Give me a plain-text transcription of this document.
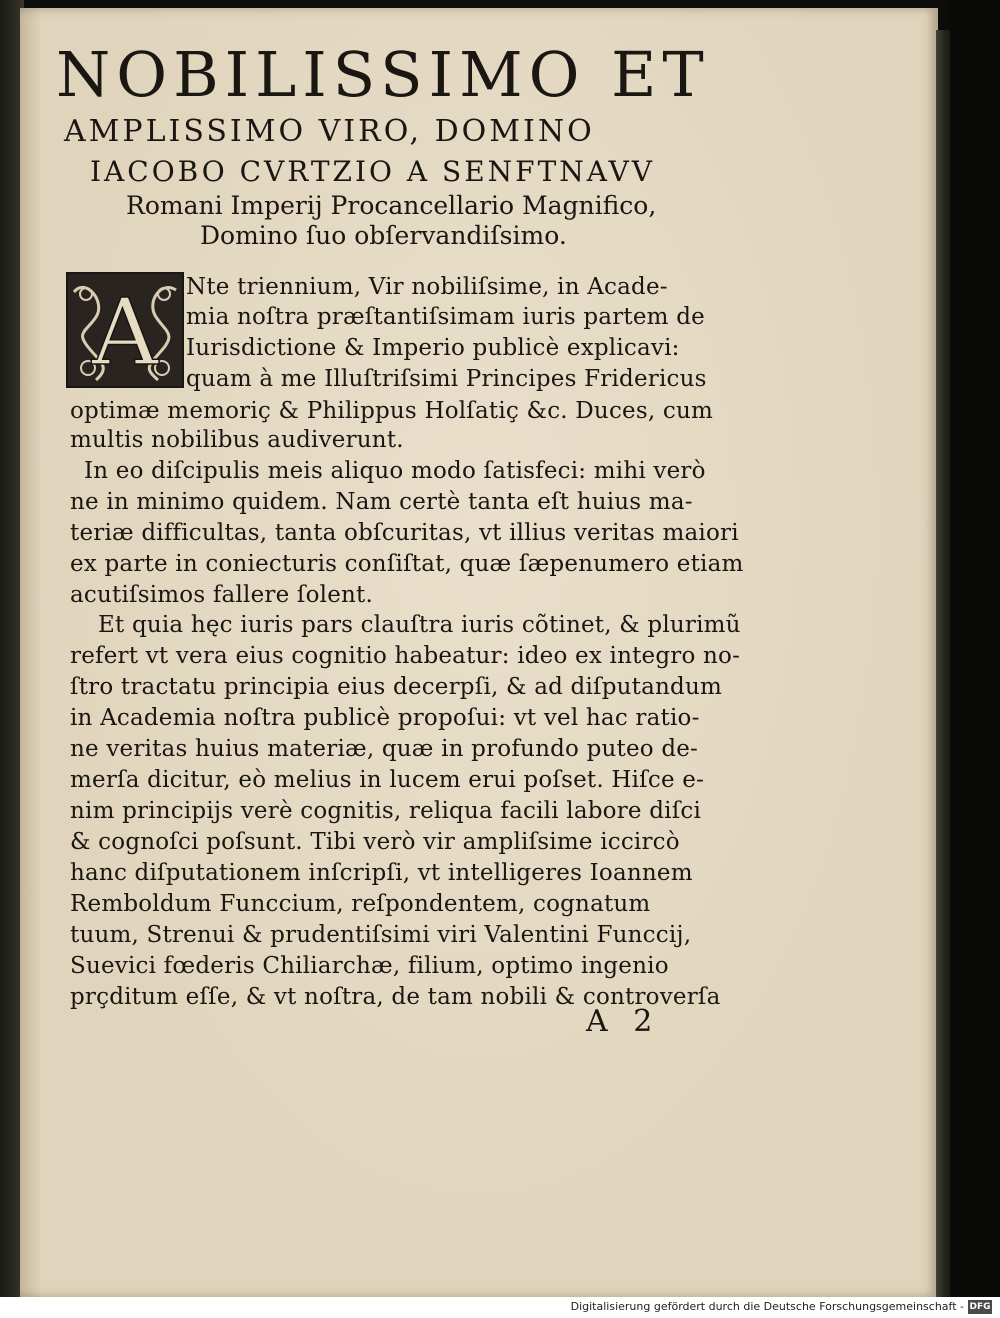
NOBILISSIMO ET
AMPLISSIMO VIRO, DOMINO
IACOBO CVRTZIO A SENFTNAVV
Romani Imperij Procancellario Magnifico,
Domino ſuo obſervandiſsimo.
A Nte triennium, Vir nobiliſsime, in Acade-
mia noſtra præſtantiſsimam iuris partem de
Iurisdictione & Imperio publicè explicavi:
quam à me Illuſtriſsimi Principes Fridericus
optimæ memoriç & Philippus Holſatiç &c. Duces, cum
multis nobilibus audiverunt.
In eo diſcipulis meis aliquo modo ſatisfeci: mihi verò
ne in minimo quidem. Nam certè tanta eſt huius ma-
teriæ difficultas, tanta obſcuritas, vt illius veritas maiori
ex parte in coniecturis conſiſtat, quæ ſæpenumero etiam
acutiſsimos fallere ſolent.
Et quia hęc iuris pars clauſtra iuris cõtinet, & plurimũ
refert vt vera eius cognitio habeatur: ideo ex integro no-
ſtro tractatu principia eius decerpſi, & ad diſputandum
in Academia noſtra publicè propoſui: vt vel hac ratio-
ne veritas huius materiæ, quæ in profundo puteo de-
merſa dicitur, eò melius in lucem erui poſset. Hiſce e-
nim principijs verè cognitis, reliqua facili labore diſci
& cognoſci poſsunt. Tibi verò vir ampliſsime iccircò
hanc diſputationem inſcripſi, vt intelligeres Ioannem
Remboldum Funccium, reſpondentem, cognatum
tuum, Strenui & prudentiſsimi viri Valentini Funccij,
Suevici fœderis Chiliarchæ, filium, optimo ingenio
prçditum eſſe, & vt noſtra, de tam nobili & controverſa
A 2
Digitalisierung gefördert durch die Deutsche Forschungsgemeinschaft - DFG
